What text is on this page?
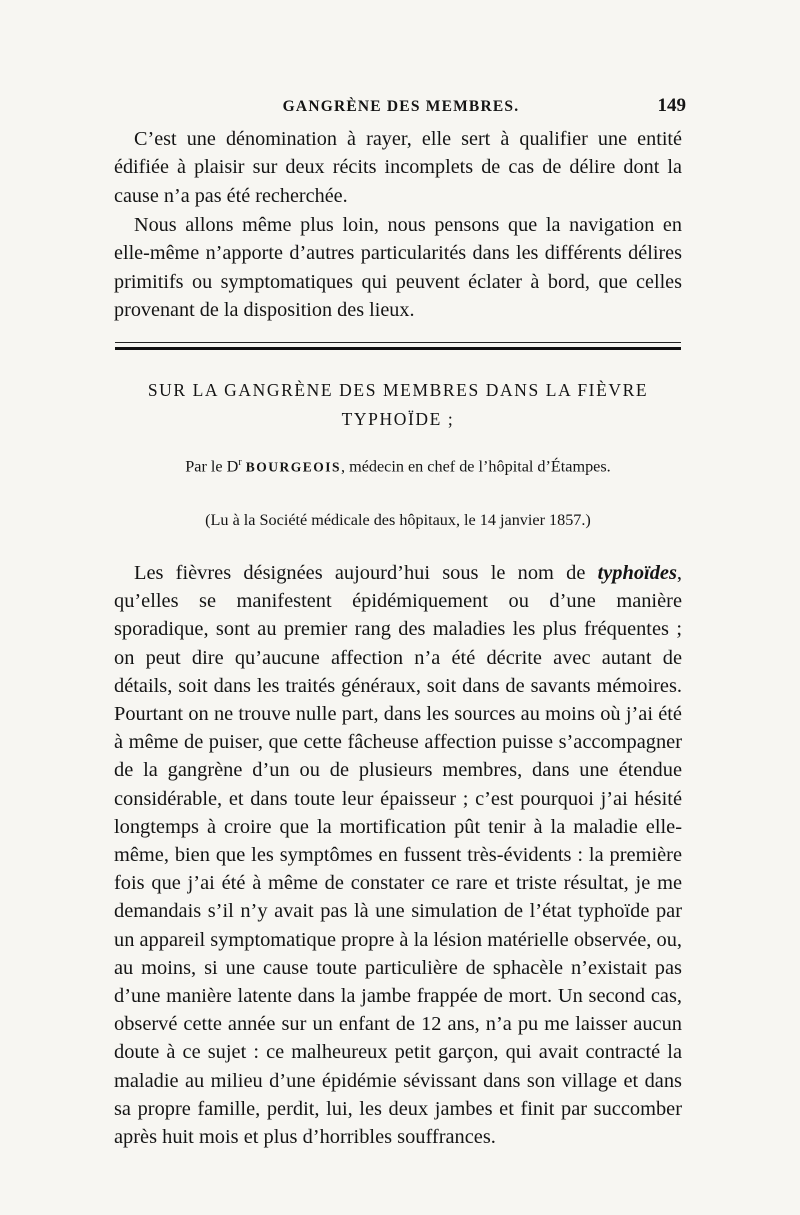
GANGRÈNE DES MEMBRES.	149

C’est une dénomination à rayer, elle sert à qualifier une entité édifiée à plaisir sur deux récits incomplets de cas de délire dont la cause n’a pas été recherchée.

Nous allons même plus loin, nous pensons que la navigation en elle-même n’apporte d’autres particularités dans les différents délires primitifs ou symptomatiques qui peuvent éclater à bord, que celles provenant de la disposition des lieux.

SUR LA GANGRÈNE DES MEMBRES DANS LA FIÈVRE
TYPHOÏDE ;
Par le $D^r$ BOURGEOIS, médecin en chef de l’hôpital d’Étampes.
(Lu à la Société médicale des hôpitaux, le 14 janvier 1857.)

Les fièvres désignées aujourd’hui sous le nom de typhoïdes, qu’elles se manifestent épidémiquement ou d’une manière sporadique, sont au premier rang des maladies les plus fréquentes ; on peut dire qu’aucune affection n’a été décrite avec autant de détails, soit dans les traités généraux, soit dans de savants mémoires. Pourtant on ne trouve nulle part, dans les sources au moins où j’ai été à même de puiser, que cette fâcheuse affection puisse s’accompagner de la gangrène d’un ou de plusieurs membres, dans une étendue considérable, et dans toute leur épaisseur ; c’est pourquoi j’ai hésité longtemps à croire que la mortification pût tenir à la maladie elle-même, bien que les symptômes en fussent très-évidents : la première fois que j’ai été à même de constater ce rare et triste résultat, je me demandais s’il n’y avait pas là une simulation de l’état typhoïde par un appareil symptomatique propre à la lésion matérielle observée, ou, au moins, si une cause toute particulière de sphacèle n’existait pas d’une manière latente dans la jambe frappée de mort. Un second cas, observé cette année sur un enfant de 12 ans, n’a pu me laisser aucun doute à ce sujet : ce malheureux petit garçon, qui avait contracté la maladie au milieu d’une épidémie sévissant dans son village et dans sa propre famille, perdit, lui, les deux jambes et finit par succomber après huit mois et plus d’horribles souffrances.
